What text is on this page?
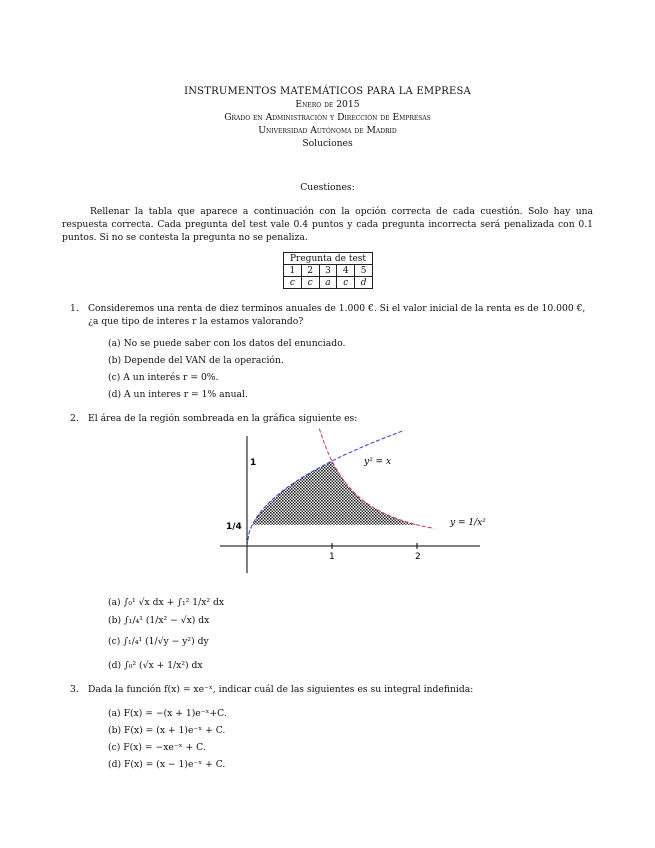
INSTRUMENTOS MATEMÁTICOS PARA LA EMPRESA
Enero de 2015
Grado en Administración y Dirección de Empresas
Universidad Autónoma de Madrid
Soluciones
Cuestiones:
Rellenar la tabla que aparece a continuación con la opción correcta de cada cuestión. Solo hay una respuesta correcta. Cada pregunta del test vale 0.4 puntos y cada pregunta incorrecta será penalizada con 0.1 puntos. Si no se contesta la pregunta no se penaliza.
Pregunta de test				
1	2	3	4	5
c	c	a	c	d
1. Consideremos una renta de diez terminos anuales de 1.000 €. Si el valor inicial de la renta es de 10.000 €, ¿a que tipo de interes r la estamos valorando?
(a) No se puede saber con los datos del enunciado.
(b) Depende del VAN de la operación.
(c) A un interés r = 0%.
(d) A un interes r = 1% anual.
2. El área de la región sombreada en la gráfica siguiente es:
1
1/4
1	2
y² = x
y = 1/x²
(a) ∫₀¹ √x dx + ∫₁² 1/x² dx
(b) ∫₁/₄¹ (1/x² − √x) dx
(c) ∫₁/₄¹ (1/√y − y²) dy
(d) ∫₀² (√x + 1/x²) dx
3. Dada la función f(x) = xe⁻ˣ, indicar cuál de las siguientes es su integral indefinida:
(a) F(x) = −(x + 1)e⁻ˣ+C.
(b) F(x) = (x + 1)e⁻ˣ + C.
(c) F(x) = −xe⁻ˣ + C.
(d) F(x) = (x − 1)e⁻ˣ + C.
